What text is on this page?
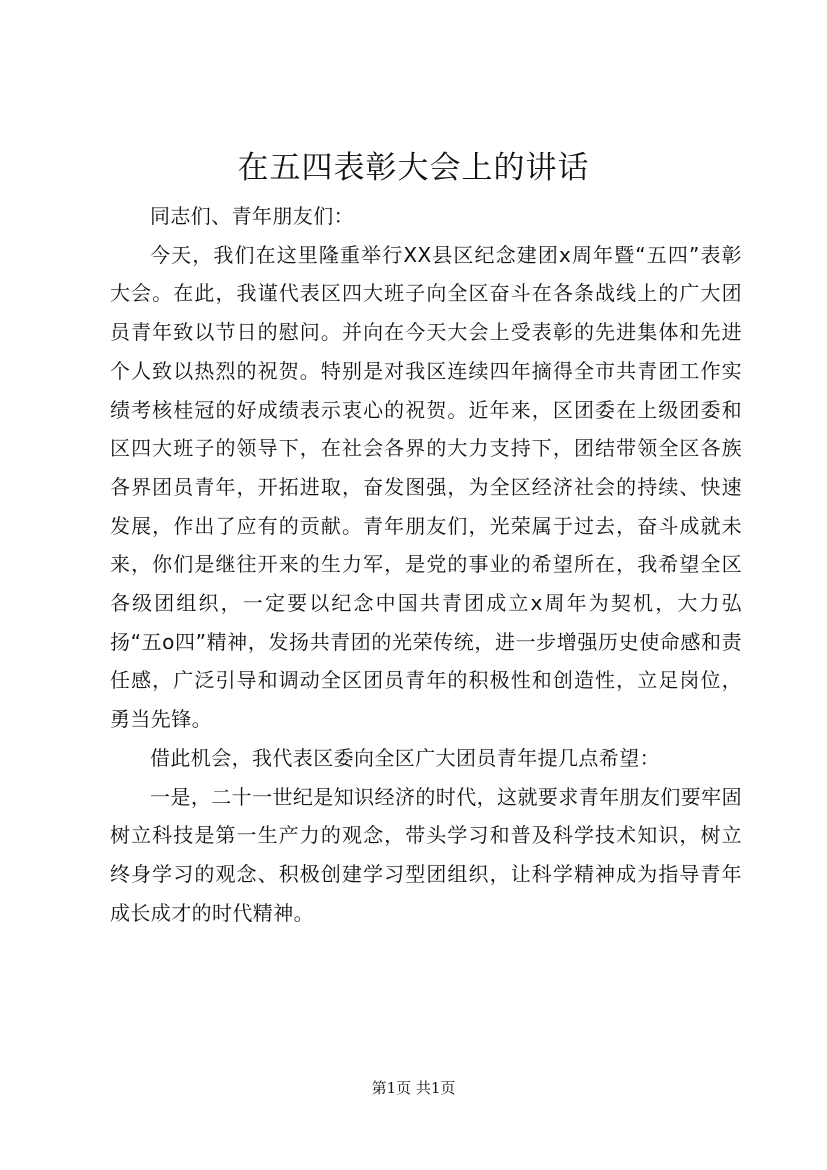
在五四表彰大会上的讲话

同志们、青年朋友们：

今天，我们在这里隆重举行XX县区纪念建团x周年暨“五四”表彰大会。在此，我谨代表区四大班子向全区奋斗在各条战线上的广大团员青年致以节日的慰问。并向在今天大会上受表彰的先进集体和先进个人致以热烈的祝贺。特别是对我区连续四年摘得全市共青团工作实绩考核桂冠的好成绩表示衷心的祝贺。近年来，区团委在上级团委和区四大班子的领导下，在社会各界的大力支持下，团结带领全区各族各界团员青年，开拓进取，奋发图强，为全区经济社会的持续、快速发展，作出了应有的贡献。青年朋友们，光荣属于过去，奋斗成就未来，你们是继往开来的生力军，是党的事业的希望所在，我希望全区各级团组织，一定要以纪念中国共青团成立x周年为契机，大力弘扬“五o四”精神，发扬共青团的光荣传统，进一步增强历史使命感和责任感，广泛引导和调动全区团员青年的积极性和创造性，立足岗位，勇当先锋。

借此机会，我代表区委向全区广大团员青年提几点希望：

一是，二十一世纪是知识经济的时代，这就要求青年朋友们要牢固树立科技是第一生产力的观念，带头学习和普及科学技术知识，树立终身学习的观念、积极创建学习型团组织，让科学精神成为指导青年成长成才的时代精神。

第1页 共1页
